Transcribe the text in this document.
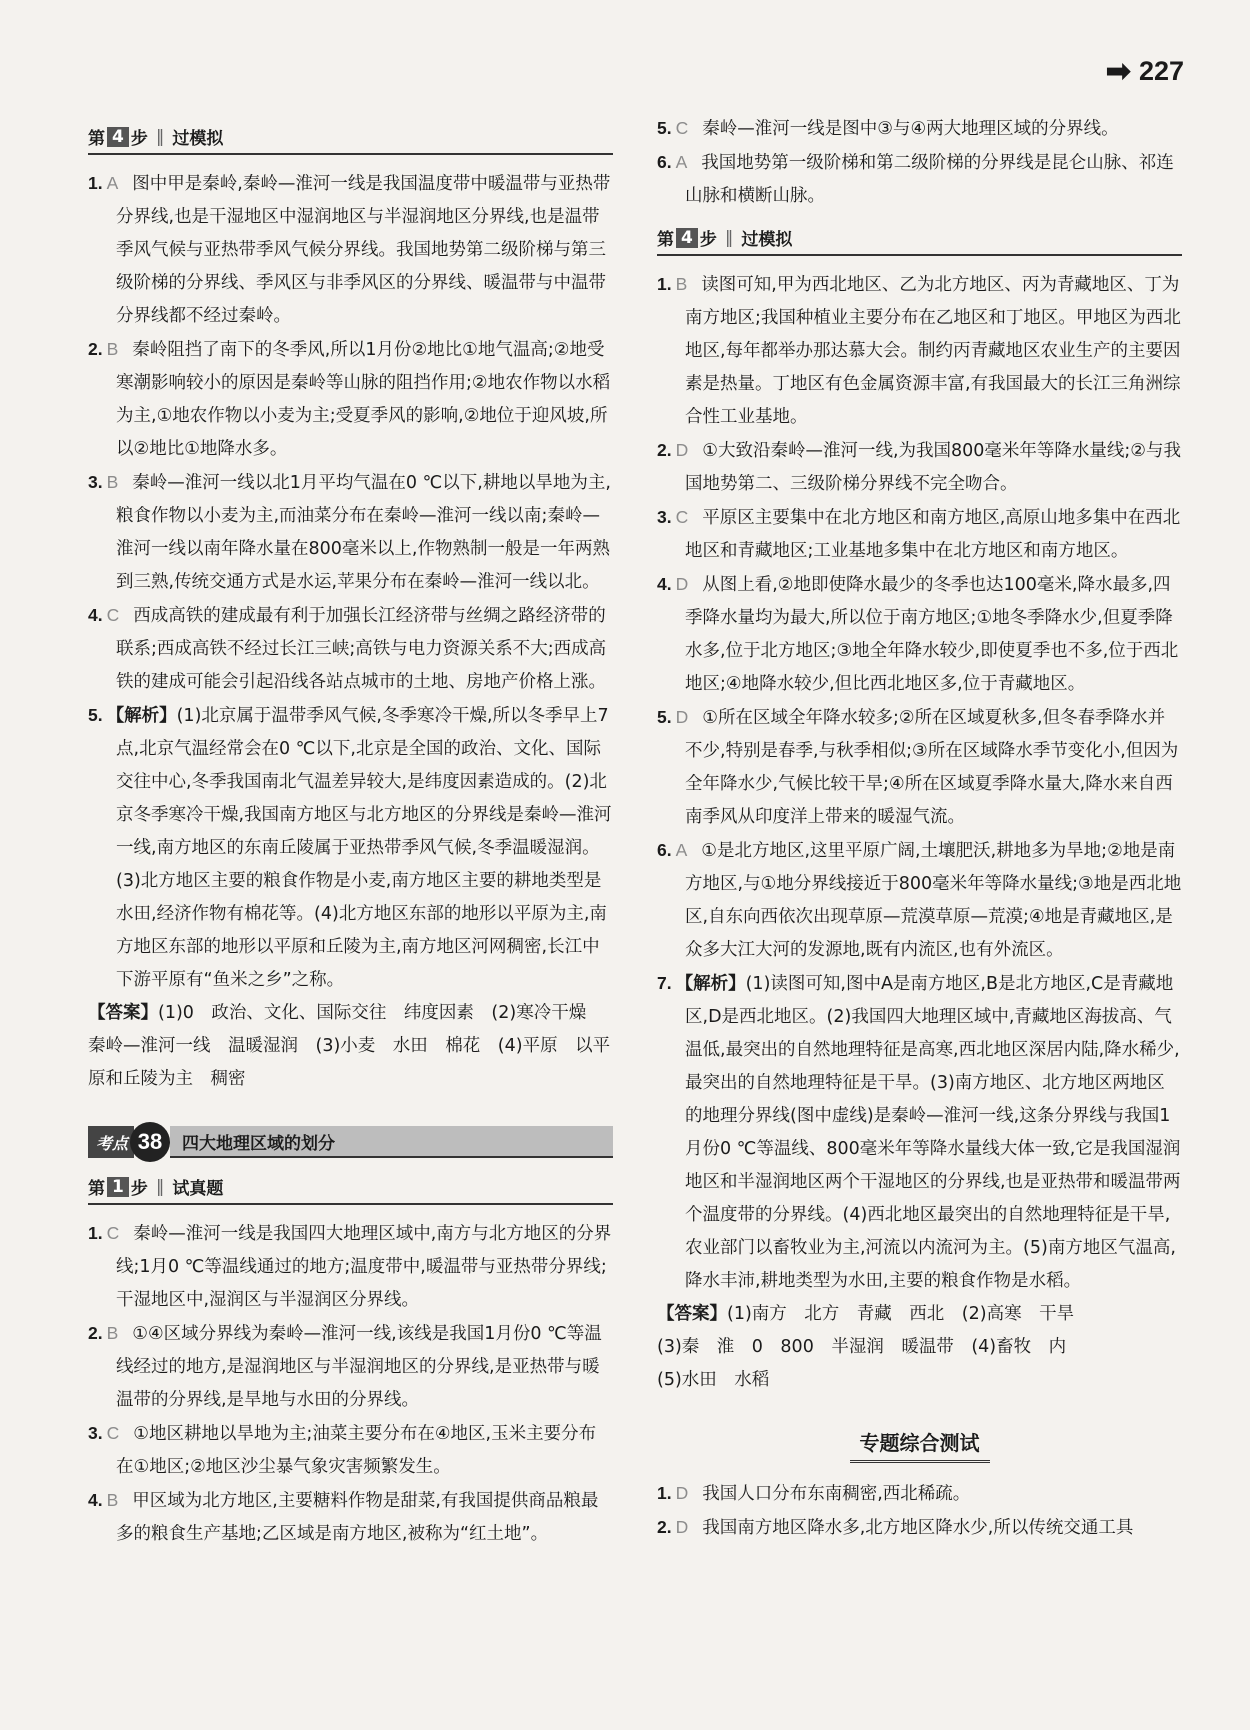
➡ 227
第 4 步 ‖ 过模拟

1. A 图中甲是秦岭,秦岭—淮河一线是我国温度带中暖温带与亚热带分界线,也是干湿地区中湿润地区与半湿润地区分界线,也是温带季风气候与亚热带季风气候分界线。我国地势第二级阶梯与第三级阶梯的分界线、季风区与非季风区的分界线、暖温带与中温带分界线都不经过秦岭。

2. B 秦岭阻挡了南下的冬季风,所以1月份②地比①地气温高;②地受寒潮影响较小的原因是秦岭等山脉的阻挡作用;②地农作物以水稻为主,①地农作物以小麦为主;受夏季风的影响,②地位于迎风坡,所以②地比①地降水多。

3. B 秦岭—淮河一线以北1月平均气温在0 ℃以下,耕地以旱地为主,粮食作物以小麦为主,而油菜分布在秦岭—淮河一线以南;秦岭—淮河一线以南年降水量在800毫米以上,作物熟制一般是一年两熟到三熟,传统交通方式是水运,苹果分布在秦岭—淮河一线以北。

4. C 西成高铁的建成最有利于加强长江经济带与丝绸之路经济带的联系;西成高铁不经过长江三峡;高铁与电力资源关系不大;西成高铁的建成可能会引起沿线各站点城市的土地、房地产价格上涨。

5. 【解析】(1)北京属于温带季风气候,冬季寒冷干燥,所以冬季早上7点,北京气温经常会在0 ℃以下,北京是全国的政治、文化、国际交往中心,冬季我国南北气温差异较大,是纬度因素造成的。(2)北京冬季寒冷干燥,我国南方地区与北方地区的分界线是秦岭—淮河一线,南方地区的东南丘陵属于亚热带季风气候,冬季温暖湿润。(3)北方地区主要的粮食作物是小麦,南方地区主要的耕地类型是水田,经济作物有棉花等。(4)北方地区东部的地形以平原为主,南方地区东部的地形以平原和丘陵为主,南方地区河网稠密,长江中下游平原有“鱼米之乡”之称。

【答案】(1)0　政治、文化、国际交往　纬度因素　(2)寒冷干燥　秦岭—淮河一线　温暖湿润　(3)小麦　水田　棉花　(4)平原　以平原和丘陵为主　稠密

考点 38	四大地理区域的划分
第 1 步 ‖ 试真题

1. C 秦岭—淮河一线是我国四大地理区域中,南方与北方地区的分界线;1月0 ℃等温线通过的地方;温度带中,暖温带与亚热带分界线;干湿地区中,湿润区与半湿润区分界线。

2. B ①④区域分界线为秦岭—淮河一线,该线是我国1月份0 ℃等温线经过的地方,是湿润地区与半湿润地区的分界线,是亚热带与暖温带的分界线,是旱地与水田的分界线。

3. C ①地区耕地以旱地为主;油菜主要分布在④地区,玉米主要分布在①地区;②地区沙尘暴气象灾害频繁发生。

4. B 甲区域为北方地区,主要糖料作物是甜菜,有我国提供商品粮最多的粮食生产基地;乙区域是南方地区,被称为“红土地”。

5. C 秦岭—淮河一线是图中③与④两大地理区域的分界线。

6. A 我国地势第一级阶梯和第二级阶梯的分界线是昆仑山脉、祁连山脉和横断山脉。

第 4 步 ‖ 过模拟

1. B 读图可知,甲为西北地区、乙为北方地区、丙为青藏地区、丁为南方地区;我国种植业主要分布在乙地区和丁地区。甲地区为西北地区,每年都举办那达慕大会。制约丙青藏地区农业生产的主要因素是热量。丁地区有色金属资源丰富,有我国最大的长江三角洲综合性工业基地。

2. D ①大致沿秦岭—淮河一线,为我国800毫米年等降水量线;②与我国地势第二、三级阶梯分界线不完全吻合。

3. C 平原区主要集中在北方地区和南方地区,高原山地多集中在西北地区和青藏地区;工业基地多集中在北方地区和南方地区。

4. D 从图上看,②地即使降水最少的冬季也达100毫米,降水最多,四季降水量均为最大,所以位于南方地区;①地冬季降水少,但夏季降水多,位于北方地区;③地全年降水较少,即使夏季也不多,位于西北地区;④地降水较少,但比西北地区多,位于青藏地区。

5. D ①所在区域全年降水较多;②所在区域夏秋多,但冬春季降水并不少,特别是春季,与秋季相似;③所在区域降水季节变化小,但因为全年降水少,气候比较干旱;④所在区域夏季降水量大,降水来自西南季风从印度洋上带来的暖湿气流。

6. A ①是北方地区,这里平原广阔,土壤肥沃,耕地多为旱地;②地是南方地区,与①地分界线接近于800毫米年等降水量线;③地是西北地区,自东向西依次出现草原—荒漠草原—荒漠;④地是青藏地区,是众多大江大河的发源地,既有内流区,也有外流区。

7. 【解析】(1)读图可知,图中A是南方地区,B是北方地区,C是青藏地区,D是西北地区。(2)我国四大地理区域中,青藏地区海拔高、气温低,最突出的自然地理特征是高寒,西北地区深居内陆,降水稀少,最突出的自然地理特征是干旱。(3)南方地区、北方地区两地区的地理分界线(图中虚线)是秦岭—淮河一线,这条分界线与我国1月份0 ℃等温线、800毫米年等降水量线大体一致,它是我国湿润地区和半湿润地区两个干湿地区的分界线,也是亚热带和暖温带两个温度带的分界线。(4)西北地区最突出的自然地理特征是干旱,农业部门以畜牧业为主,河流以内流河为主。(5)南方地区气温高,降水丰沛,耕地类型为水田,主要的粮食作物是水稻。

【答案】(1)南方　北方　青藏　西北　(2)高寒　干旱

(3)秦　淮　0　800　半湿润　暖温带　(4)畜牧　内

(5)水田　水稻

专题综合测试

1. D 我国人口分布东南稠密,西北稀疏。

2. D 我国南方地区降水多,北方地区降水少,所以传统交通工具
